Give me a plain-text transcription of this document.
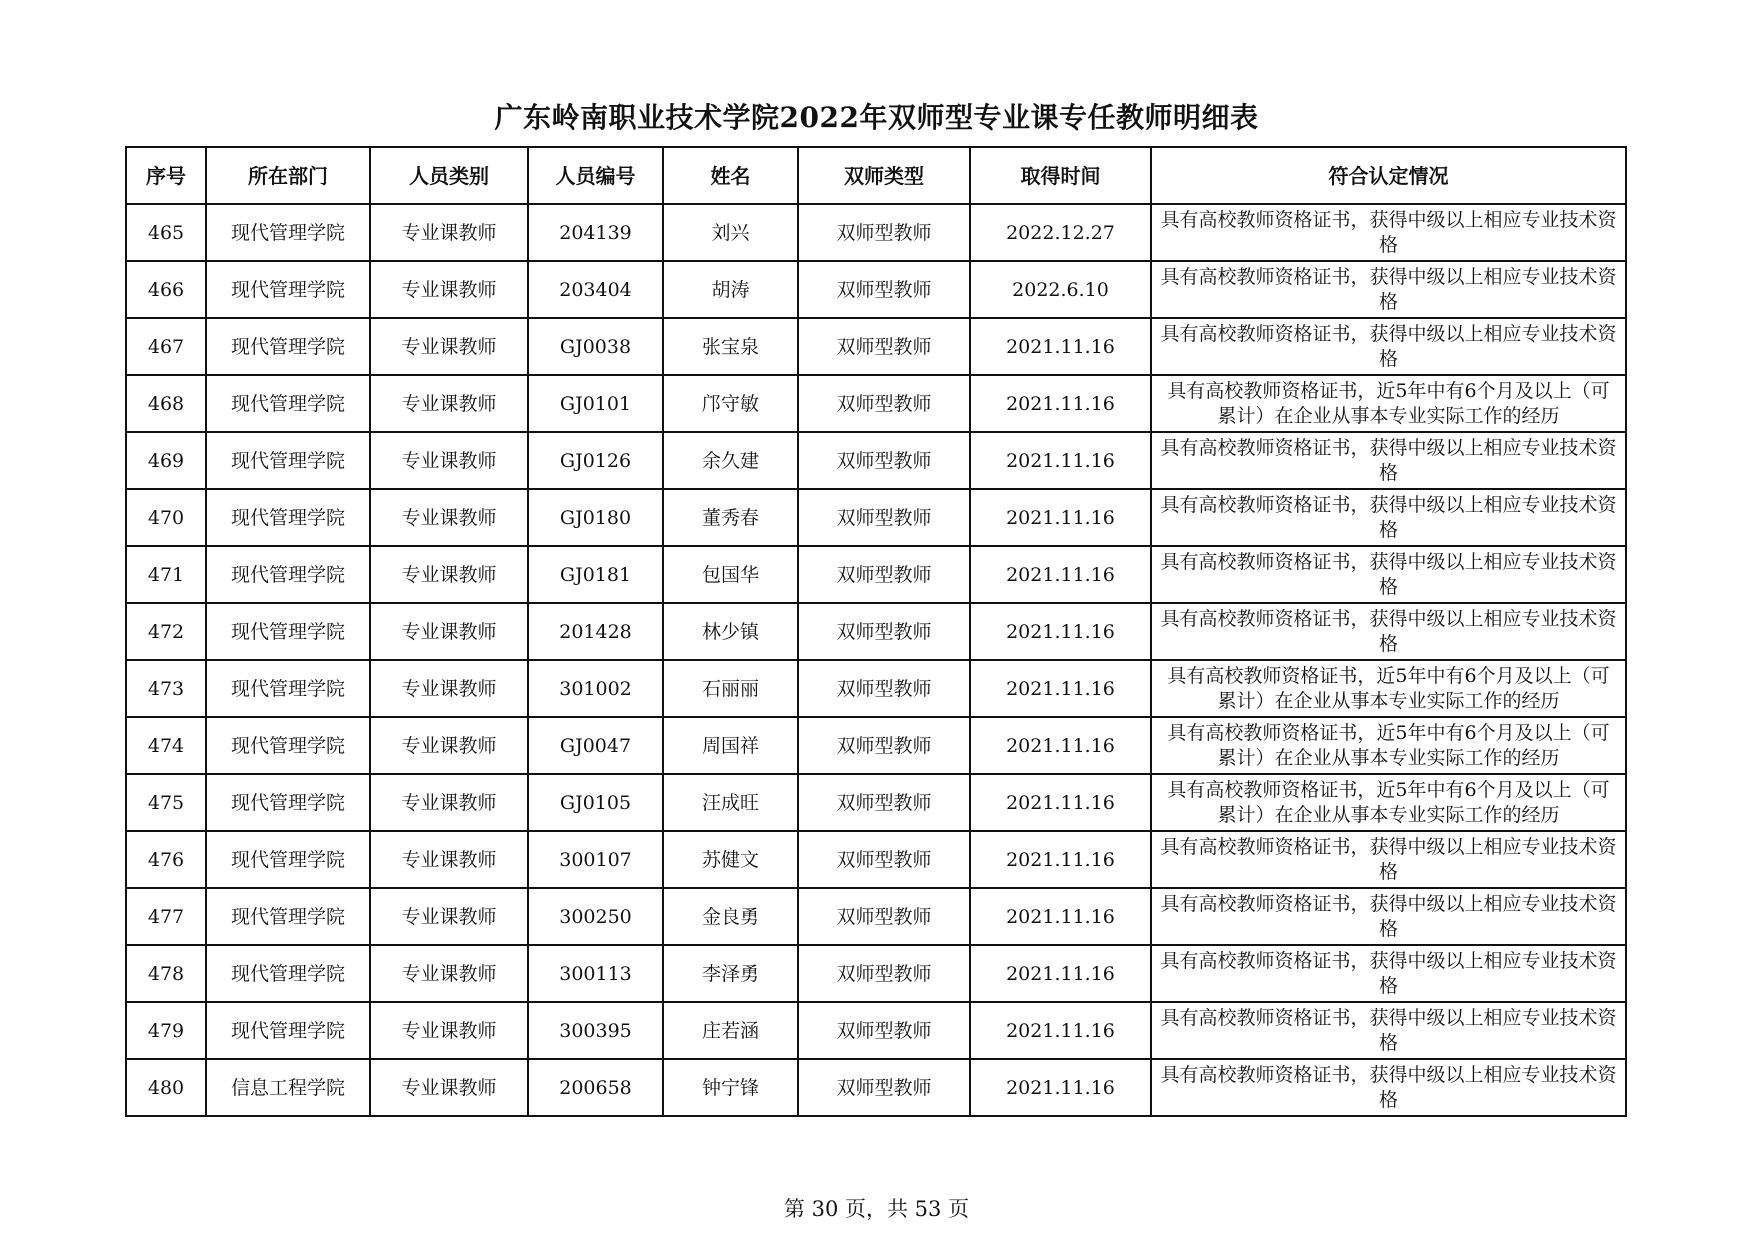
广东岭南职业技术学院2022年双师型专业课专任教师明细表
序号	所在部门	人员类别	人员编号	姓名	双师类型	取得时间	符合认定情况
465	现代管理学院	专业课教师	204139	刘兴	双师型教师	2022.12.27	具有高校教师资格证书，获得中级以上相应专业技术资格
466	现代管理学院	专业课教师	203404	胡涛	双师型教师	2022.6.10	具有高校教师资格证书，获得中级以上相应专业技术资格
467	现代管理学院	专业课教师	GJ0038	张宝泉	双师型教师	2021.11.16	具有高校教师资格证书，获得中级以上相应专业技术资格
468	现代管理学院	专业课教师	GJ0101	邝守敏	双师型教师	2021.11.16	具有高校教师资格证书，近5年中有6个月及以上（可累计）在企业从事本专业实际工作的经历
469	现代管理学院	专业课教师	GJ0126	余久建	双师型教师	2021.11.16	具有高校教师资格证书，获得中级以上相应专业技术资格
470	现代管理学院	专业课教师	GJ0180	董秀春	双师型教师	2021.11.16	具有高校教师资格证书，获得中级以上相应专业技术资格
471	现代管理学院	专业课教师	GJ0181	包国华	双师型教师	2021.11.16	具有高校教师资格证书，获得中级以上相应专业技术资格
472	现代管理学院	专业课教师	201428	林少镇	双师型教师	2021.11.16	具有高校教师资格证书，获得中级以上相应专业技术资格
473	现代管理学院	专业课教师	301002	石丽丽	双师型教师	2021.11.16	具有高校教师资格证书，近5年中有6个月及以上（可累计）在企业从事本专业实际工作的经历
474	现代管理学院	专业课教师	GJ0047	周国祥	双师型教师	2021.11.16	具有高校教师资格证书，近5年中有6个月及以上（可累计）在企业从事本专业实际工作的经历
475	现代管理学院	专业课教师	GJ0105	汪成旺	双师型教师	2021.11.16	具有高校教师资格证书，近5年中有6个月及以上（可累计）在企业从事本专业实际工作的经历
476	现代管理学院	专业课教师	300107	苏健文	双师型教师	2021.11.16	具有高校教师资格证书，获得中级以上相应专业技术资格
477	现代管理学院	专业课教师	300250	金良勇	双师型教师	2021.11.16	具有高校教师资格证书，获得中级以上相应专业技术资格
478	现代管理学院	专业课教师	300113	李泽勇	双师型教师	2021.11.16	具有高校教师资格证书，获得中级以上相应专业技术资格
479	现代管理学院	专业课教师	300395	庄若涵	双师型教师	2021.11.16	具有高校教师资格证书，获得中级以上相应专业技术资格
480	信息工程学院	专业课教师	200658	钟宁锋	双师型教师	2021.11.16	具有高校教师资格证书，获得中级以上相应专业技术资格
第 30 页，共 53 页
